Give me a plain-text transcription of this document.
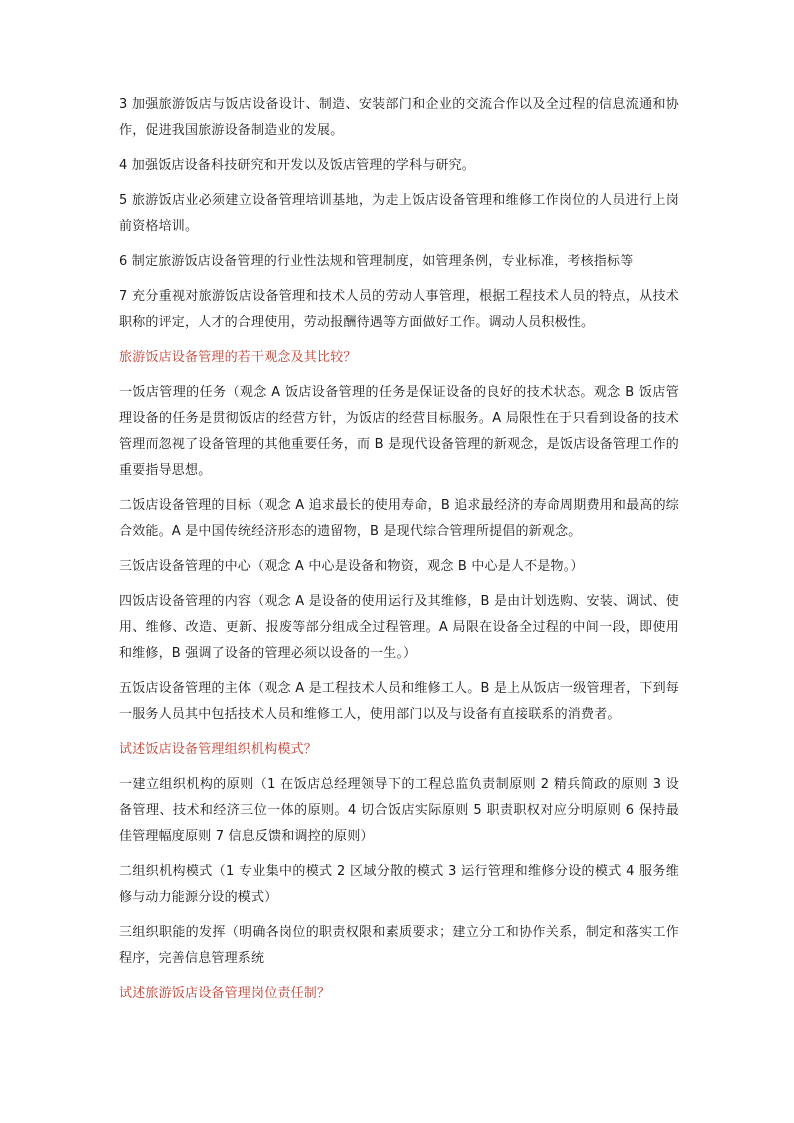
3 加强旅游饭店与饭店设备设计、制造、安装部门和企业的交流合作以及全过程的信息流通和协作，促进我国旅游设备制造业的发展。

4 加强饭店设备科技研究和开发以及饭店管理的学科与研究。

5 旅游饭店业必须建立设备管理培训基地，为走上饭店设备管理和维修工作岗位的人员进行上岗前资格培训。

6 制定旅游饭店设备管理的行业性法规和管理制度，如管理条例，专业标准，考核指标等

7 充分重视对旅游饭店设备管理和技术人员的劳动人事管理，根据工程技术人员的特点，从技术职称的评定，人才的合理使用，劳动报酬待遇等方面做好工作。调动人员积极性。

旅游饭店设备管理的若干观念及其比较？

一饭店管理的任务（观念 A 饭店设备管理的任务是保证设备的良好的技术状态。观念 B 饭店管理设备的任务是贯彻饭店的经营方针，为饭店的经营目标服务。A 局限性在于只看到设备的技术管理而忽视了设备管理的其他重要任务，而 B 是现代设备管理的新观念，是饭店设备管理工作的重要指导思想。

二饭店设备管理的目标（观念 A 追求最长的使用寿命，B 追求最经济的寿命周期费用和最高的综合效能。A 是中国传统经济形态的遗留物，B 是现代综合管理所提倡的新观念。

三饭店设备管理的中心（观念 A 中心是设备和物资，观念 B 中心是人不是物。）

四饭店设备管理的内容（观念 A 是设备的使用运行及其维修，B 是由计划选购、安装、调试、使用、维修、改造、更新、报废等部分组成全过程管理。A 局限在设备全过程的中间一段，即使用和维修，B 强调了设备的管理必须以设备的一生。）

五饭店设备管理的主体（观念 A 是工程技术人员和维修工人。B 是上从饭店一级管理者，下到每一服务人员其中包括技术人员和维修工人，使用部门以及与设备有直接联系的消费者。

试述饭店设备管理组织机构模式？

一建立组织机构的原则（1 在饭店总经理领导下的工程总监负责制原则 2 精兵简政的原则 3 设备管理、技术和经济三位一体的原则。4 切合饭店实际原则 5 职责职权对应分明原则 6 保持最佳管理幅度原则 7 信息反馈和调控的原则）

二组织机构模式（1 专业集中的模式 2 区域分散的模式 3 运行管理和维修分设的模式 4 服务维修与动力能源分设的模式）

三组织职能的发挥（明确各岗位的职责权限和素质要求；建立分工和协作关系，制定和落实工作程序，完善信息管理系统

试述旅游饭店设备管理岗位责任制？
